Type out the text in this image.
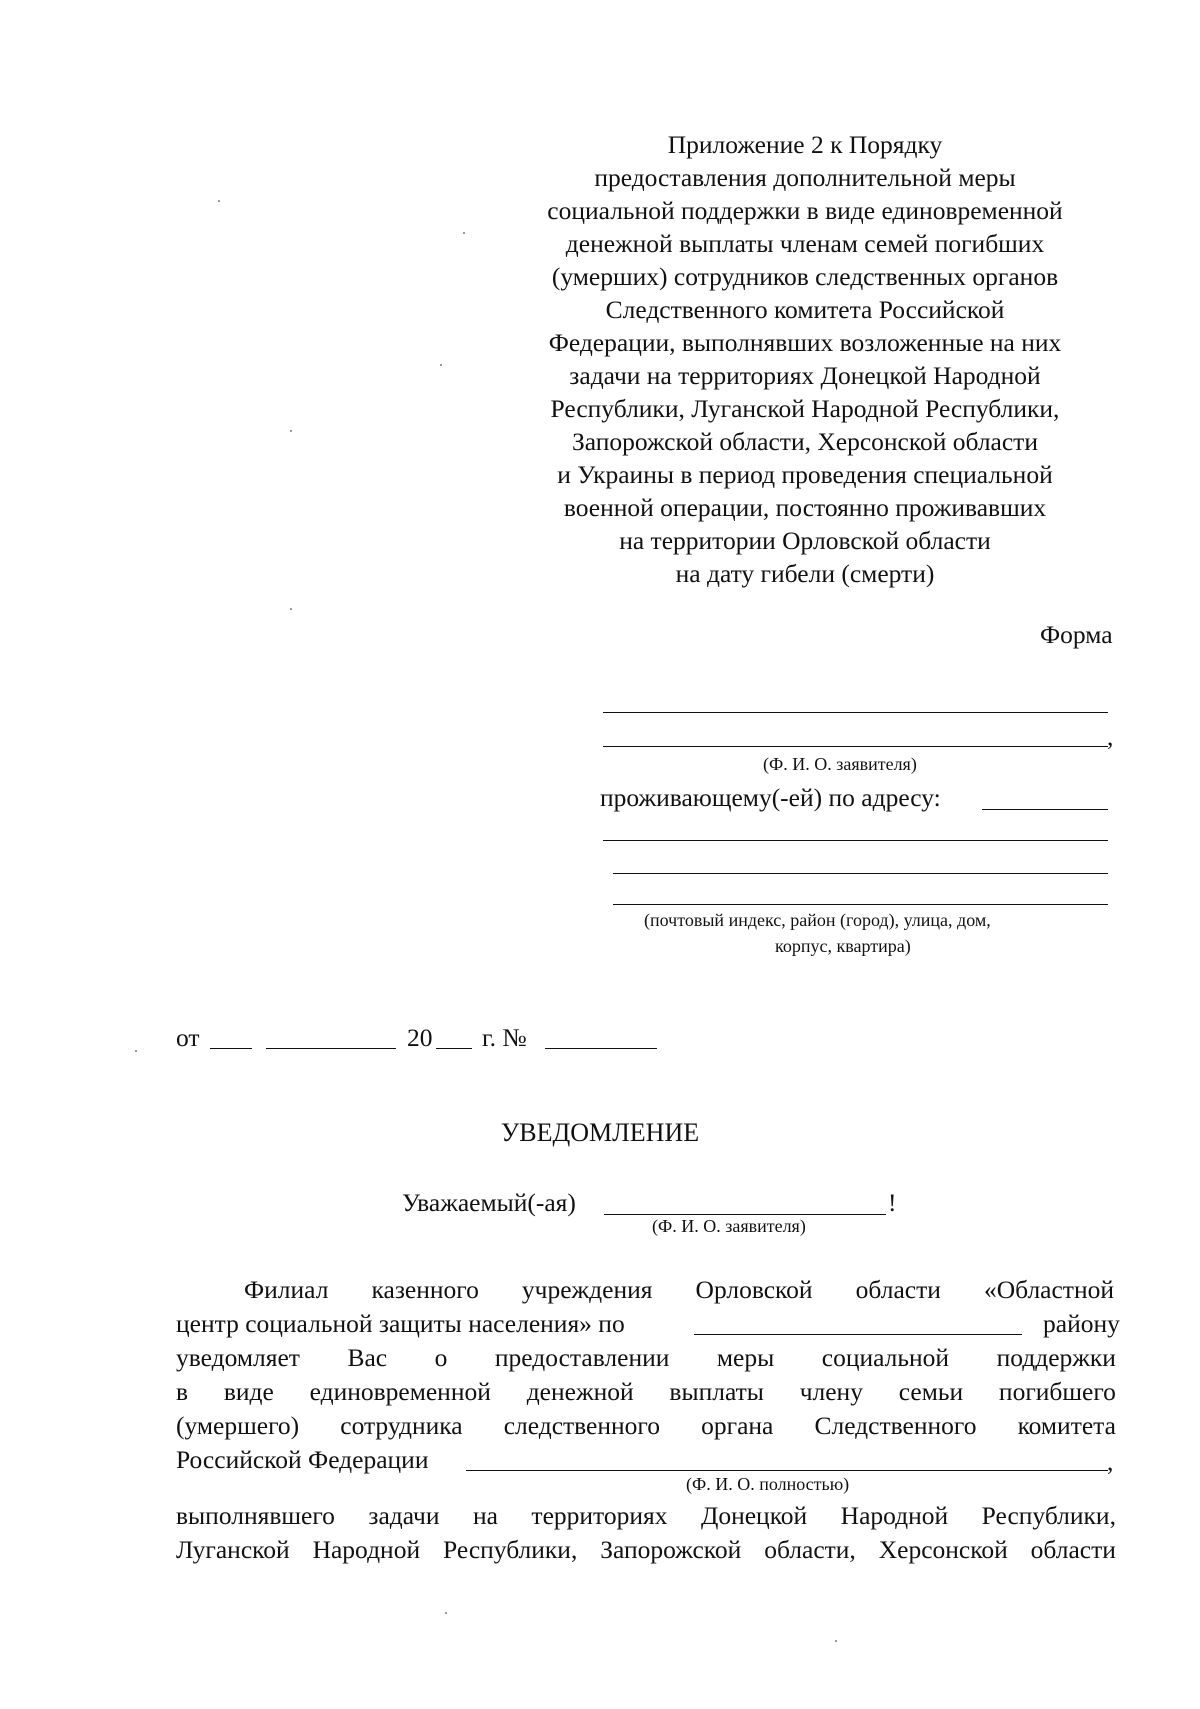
Приложение 2 к Порядку
предоставления дополнительной меры
социальной поддержки в виде единовременной
денежной выплаты членам семей погибших
(умерших) сотрудников следственных органов
Следственного комитета Российской
Федерации, выполнявших возложенные на них
задачи на территориях Донецкой Народной
Республики, Луганской Народной Республики,
Запорожской области, Херсонской области
и Украины в период проведения специальной
военной операции, постоянно проживавших
на территории Орловской области
на дату гибели (смерти)
Форма
,
(Ф. И. О. заявителя)
проживающему(-ей) по адресу:
(почтовый индекс, район (город), улица, дом,
корпус, квартира)
от	20 г. №
УВЕДОМЛЕНИЕ
Уважаемый(-ая)	!
(Ф. И. О. заявителя)
Филиал казенного учреждения Орловской области «Областной
центр социальной защиты населения» по	району
уведомляет Вас о предоставлении меры социальной поддержки
в виде единовременной денежной выплаты члену семьи погибшего
(умершего) сотрудника следственного органа Следственного комитета
Российской Федерации	,
(Ф. И. О. полностью)
выполнявшего задачи на территориях Донецкой Народной Республики,
Луганской Народной Республики, Запорожской области, Херсонской области
